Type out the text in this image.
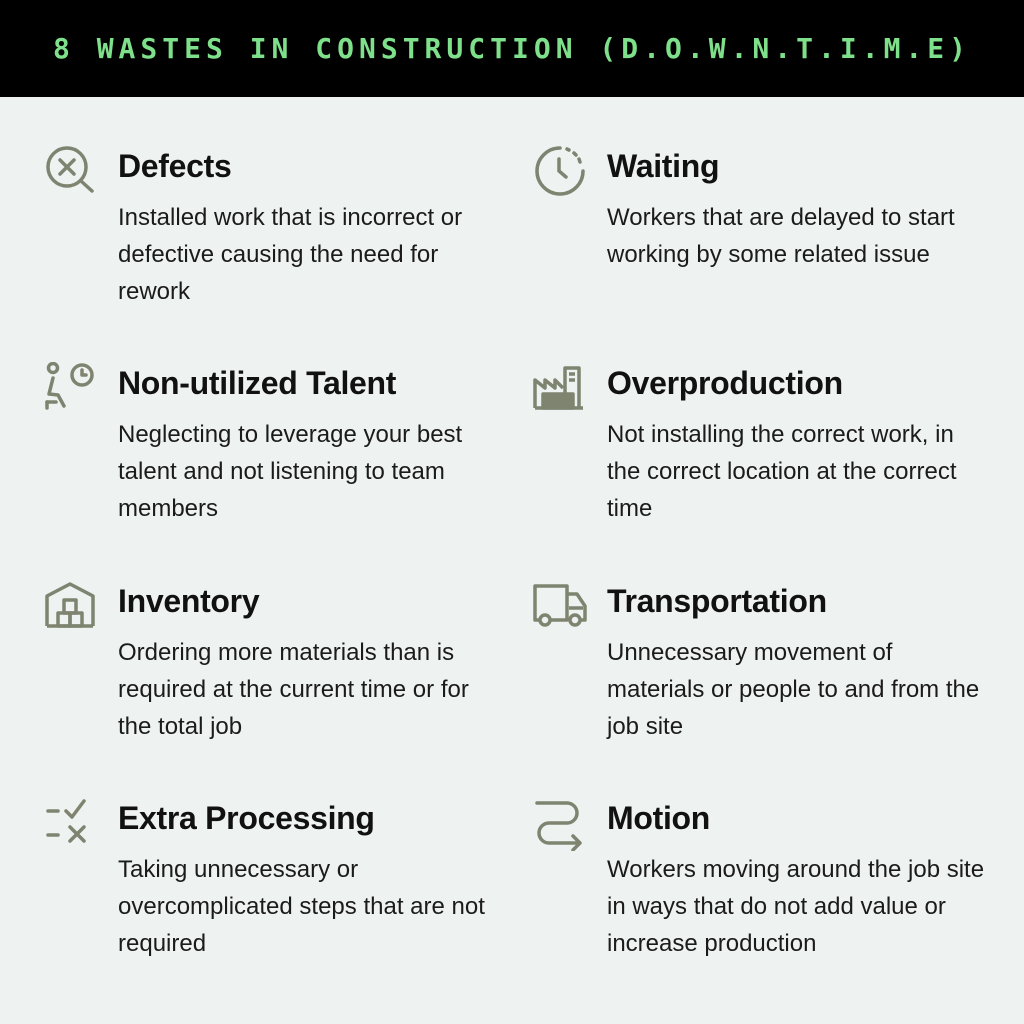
8 WASTES IN CONSTRUCTION (D.O.W.N.T.I.M.E)
Defects
Installed work that is incorrect or defective causing the need for rework
Waiting
Workers that are delayed to start working by some related issue
Non-utilized Talent
Neglecting to leverage your best talent and not listening to team members
Overproduction
Not installing the correct work, in the correct location at the correct time
Inventory
Ordering more materials than is required at the current time or for the total job
Transportation
Unnecessary movement of materials or people to and from the job site
Extra Processing
Taking unnecessary or overcomplicated steps that are not required
Motion
Workers moving around the job site in ways that do not add value or increase production
